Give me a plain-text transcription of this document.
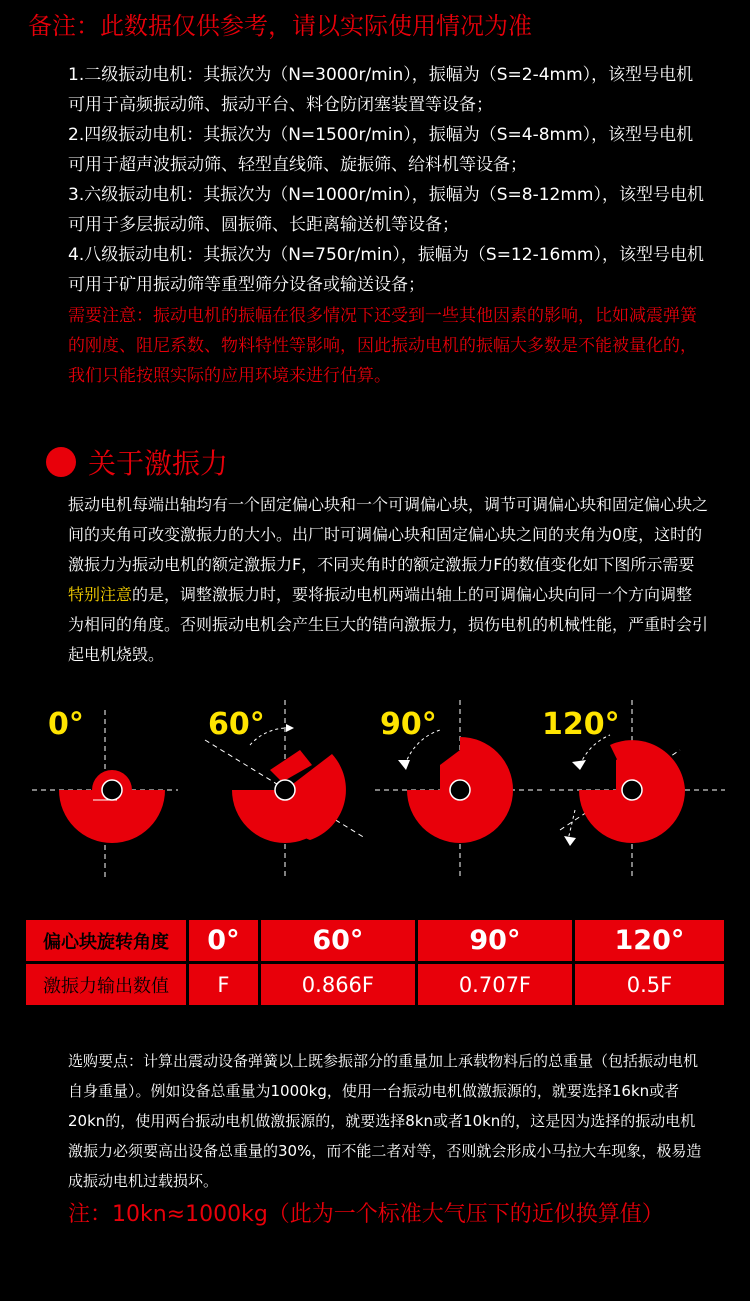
备注：此数据仅供参考，请以实际使用情况为准
1.二级振动电机：其振次为（N=3000r/min），振幅为（S=2-4mm），该型号电机可用于高频振动筛、振动平台、料仓防闭塞装置等设备；
2.四级振动电机：其振次为（N=1500r/min），振幅为（S=4-8mm），该型号电机可用于超声波振动筛、轻型直线筛、旋振筛、给料机等设备；
3.六级振动电机：其振次为（N=1000r/min），振幅为（S=8-12mm），该型号电机可用于多层振动筛、圆振筛、长距离输送机等设备；
4.八级振动电机：其振次为（N=750r/min），振幅为（S=12-16mm），该型号电机可用于矿用振动筛等重型筛分设备或输送设备；
需要注意：振动电机的振幅在很多情况下还受到一些其他因素的影响，比如减震弹簧的刚度、阻尼系数、物料特性等影响，因此振动电机的振幅大多数是不能被量化的，我们只能按照实际的应用环境来进行估算。
关于激振力
振动电机每端出轴均有一个固定偏心块和一个可调偏心块，调节可调偏心块和固定偏心块之间的夹角可改变激振力的大小。出厂时可调偏心块和固定偏心块之间的夹角为0度，这时的激振力为振动电机的额定激振力F，不同夹角时的额定激振力F的数值变化如下图所示需要特别注意的是，调整激振力时，要将振动电机两端出轴上的可调偏心块向同一个方向调整为相同的角度。否则振动电机会产生巨大的错向激振力，损伤电机的机械性能，严重时会引起电机烧毁。
0°	60°	90°	120°
偏心块旋转角度	0°	60°	90°	120°
激振力输出数值	F	0.866F	0.707F	0.5F
选购要点：计算出震动设备弹簧以上既参振部分的重量加上承载物料后的总重量（包括振动电机自身重量）。例如设备总重量为1000kg，使用一台振动电机做激振源的，就要选择16kn或者20kn的，使用两台振动电机做激振源的，就要选择8kn或者10kn的，这是因为选择的振动电机激振力必须要高出设备总重量的30%，而不能二者对等，否则就会形成小马拉大车现象，极易造成振动电机过载损坏。
注：10kn≈1000kg（此为一个标准大气压下的近似换算值）
